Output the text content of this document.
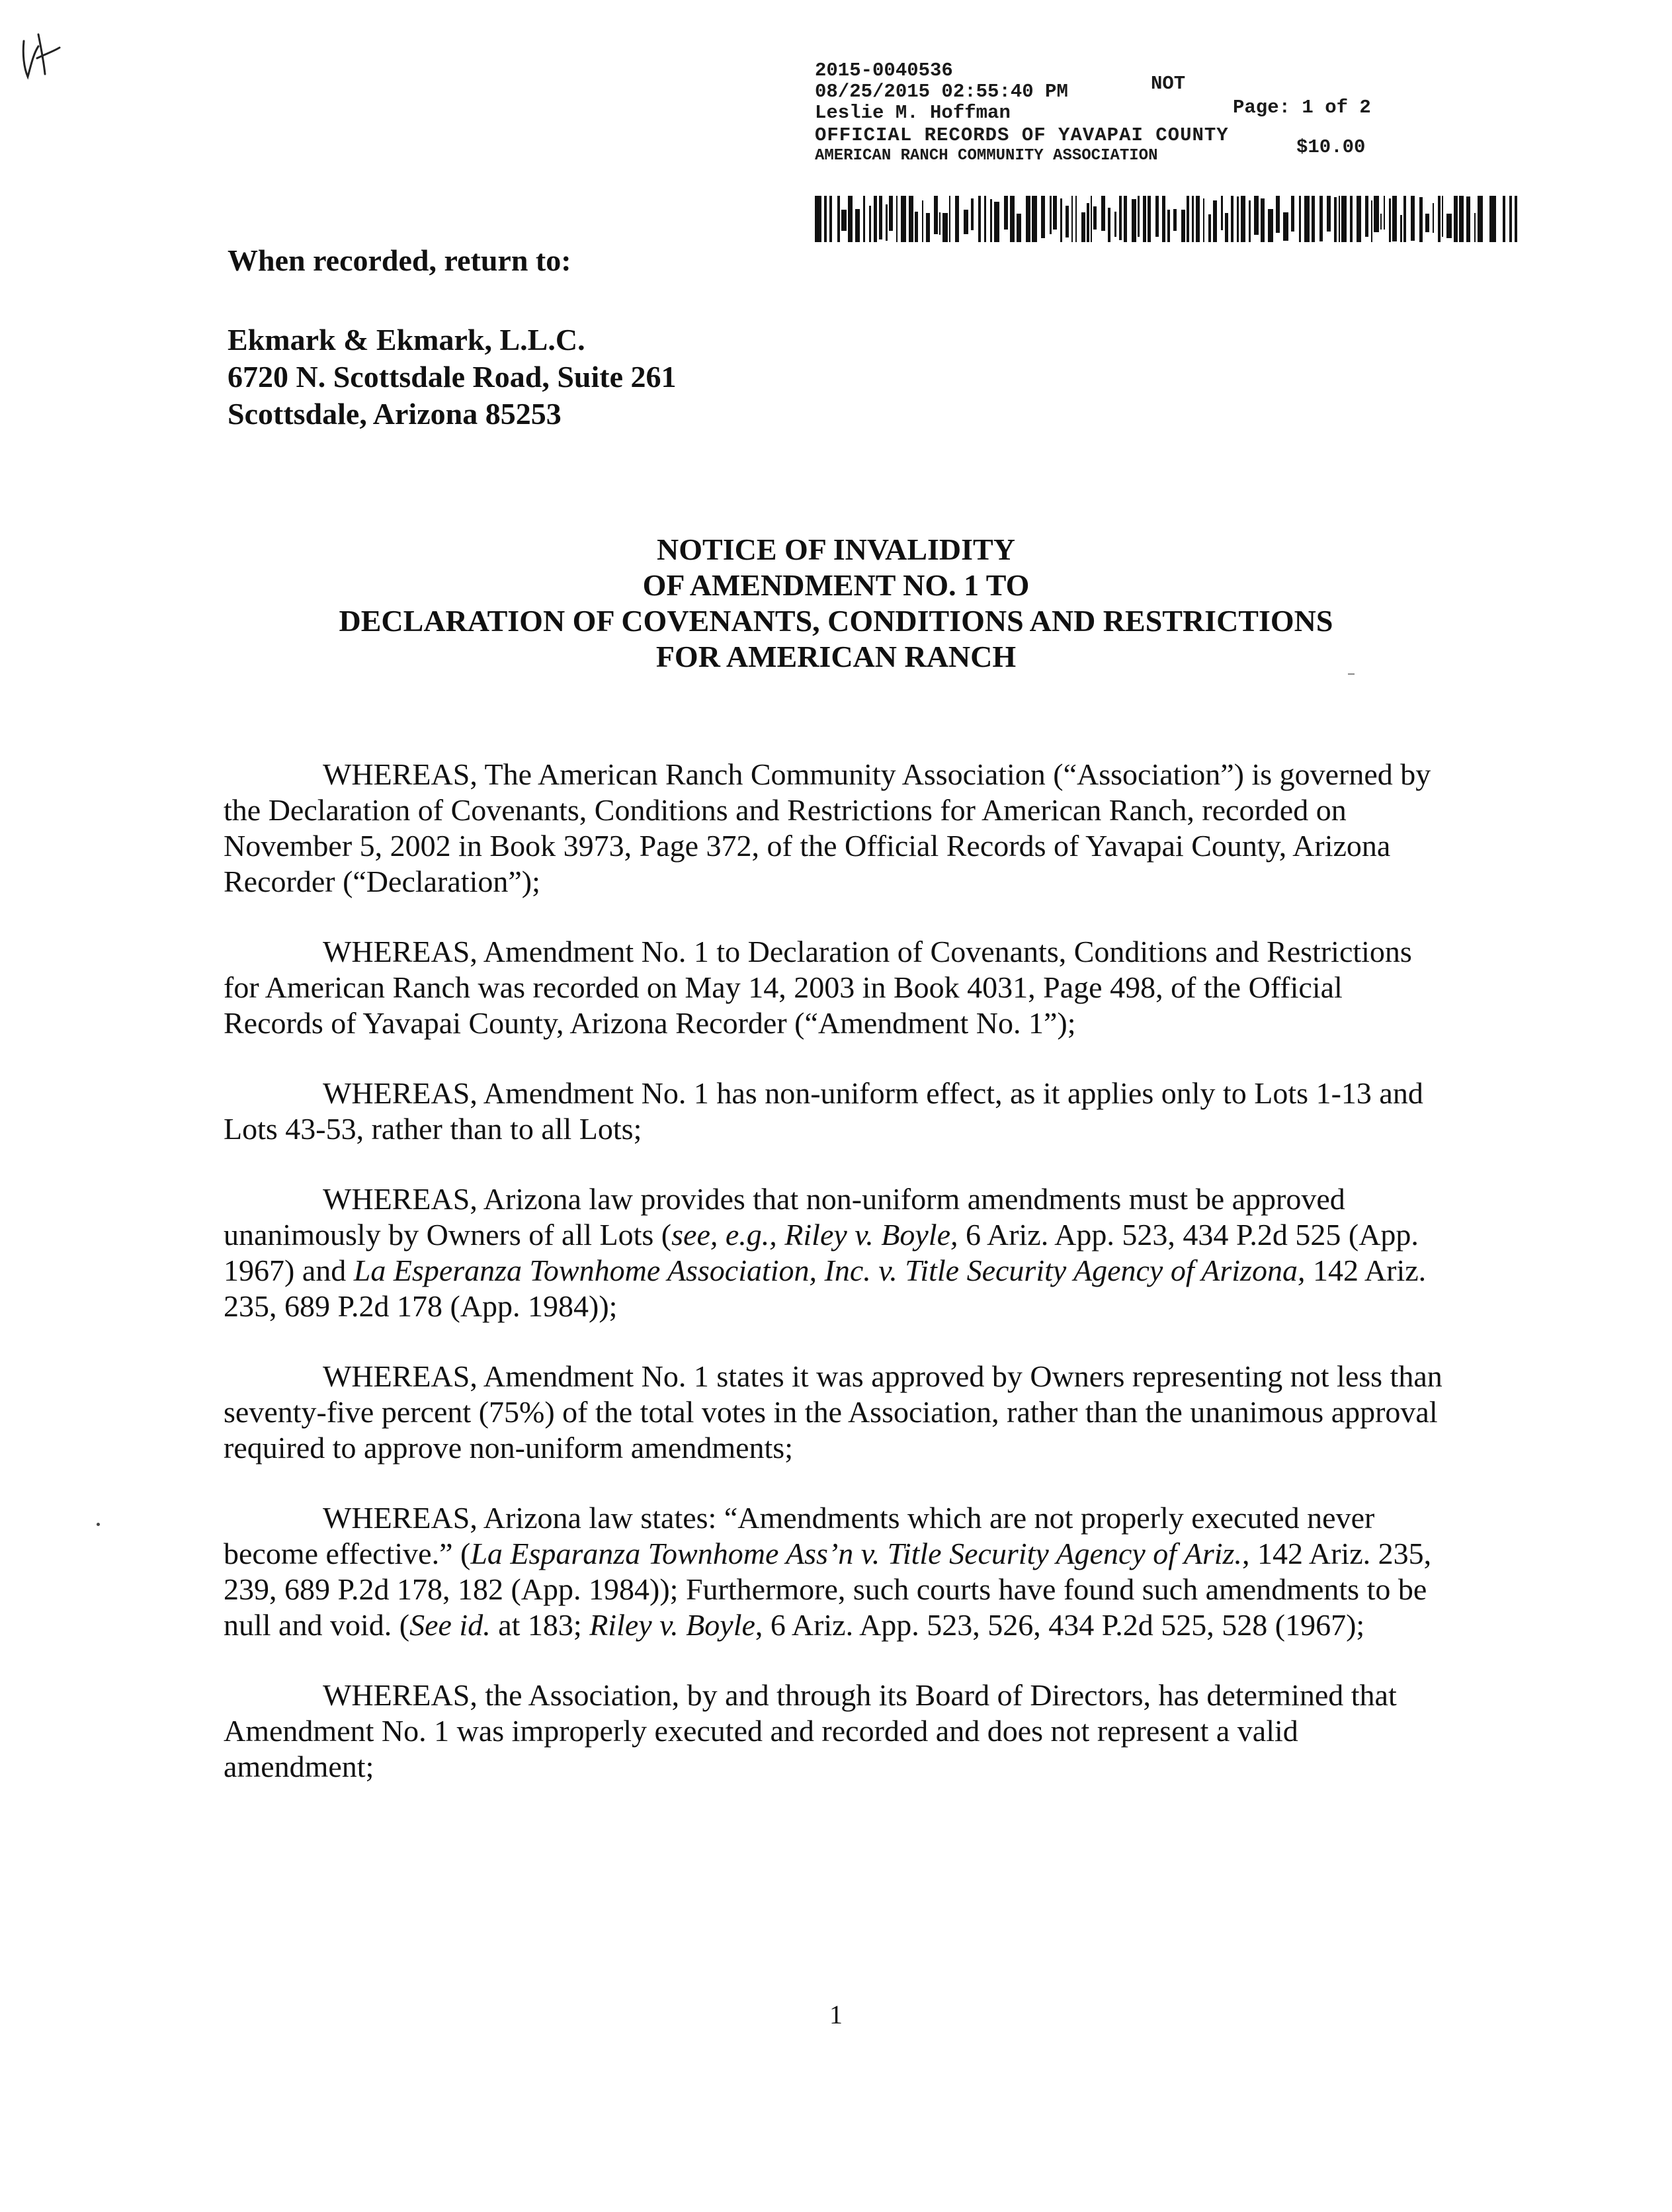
2015-0040536
NOT
08/25/2015 02:55:40 PM
Page: 1 of 2
Leslie M. Hoffman
OFFICIAL RECORDS OF YAVAPAI COUNTY
$10.00
AMERICAN RANCH COMMUNITY ASSOCIATION
When recorded, return to:
Ekmark & Ekmark, L.L.C.
6720 N. Scottsdale Road, Suite 261
Scottsdale, Arizona 85253
NOTICE OF INVALIDITY
OF AMENDMENT NO. 1 TO
DECLARATION OF COVENANTS, CONDITIONS AND RESTRICTIONS
FOR AMERICAN RANCH

WHEREAS, The American Ranch Community Association (“Association”) is governed by the Declaration of Covenants, Conditions and Restrictions for American Ranch, recorded on November 5, 2002 in Book 3973, Page 372, of the Official Records of Yavapai County, Arizona Recorder (“Declaration”);

WHEREAS, Amendment No. 1 to Declaration of Covenants, Conditions and Restrictions for American Ranch was recorded on May 14, 2003 in Book 4031, Page 498, of the Official Records of Yavapai County, Arizona Recorder (“Amendment No. 1”);

WHEREAS, Amendment No. 1 has non-uniform effect, as it applies only to Lots 1-13 and Lots 43-53, rather than to all Lots;

WHEREAS, Arizona law provides that non-uniform amendments must be approved unanimously by Owners of all Lots (see, e.g., Riley v. Boyle, 6 Ariz. App. 523, 434 P.2d 525 (App. 1967) and La Esperanza Townhome Association, Inc. v. Title Security Agency of Arizona, 142 Ariz. 235, 689 P.2d 178 (App. 1984));

WHEREAS, Amendment No. 1 states it was approved by Owners representing not less than seventy-five percent (75%) of the total votes in the Association, rather than the unanimous approval required to approve non-uniform amendments;

WHEREAS, Arizona law states: “Amendments which are not properly executed never become effective.” (La Esparanza Townhome Ass’n v. Title Security Agency of Ariz., 142 Ariz. 235, 239, 689 P.2d 178, 182 (App. 1984)); Furthermore, such courts have found such amendments to be null and void. (See id. at 183; Riley v. Boyle, 6 Ariz. App. 523, 526, 434 P.2d 525, 528 (1967);

WHEREAS, the Association, by and through its Board of Directors, has determined that Amendment No. 1 was improperly executed and recorded and does not represent a valid amendment;

1
